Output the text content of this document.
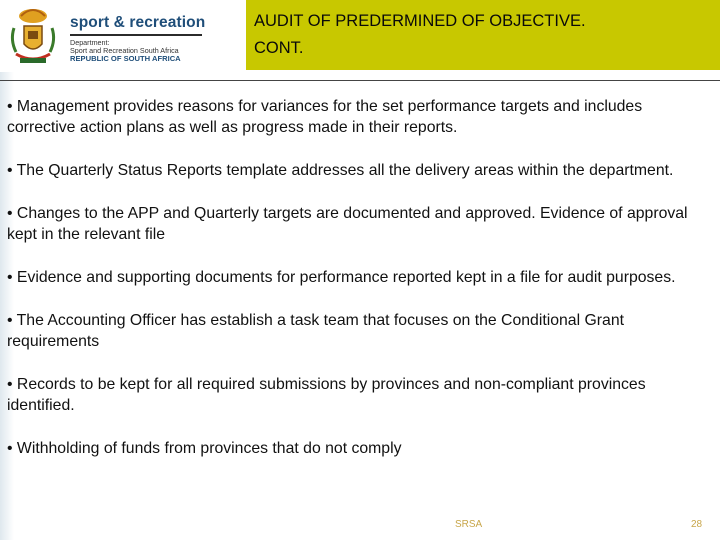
sport & recreation
Department:
Sport and Recreation South Africa
REPUBLIC OF SOUTH AFRICA
AUDIT OF PREDERMINED OF OBJECTIVE.
CONT.

• Management provides reasons for variances for the set performance targets and includes corrective action plans as well as progress made in their reports.

• The Quarterly Status Reports template addresses all the delivery areas within the department.

• Changes to the APP and Quarterly targets are documented and approved. Evidence of approval kept in the relevant file

• Evidence and supporting documents for performance reported kept in a file for audit purposes.

• The Accounting Officer has establish a task team that focuses on the Conditional Grant requirements

• Records to be kept for all required submissions by provinces and non-compliant provinces identified.

• Withholding of funds from provinces that do not comply

SRSA	28
